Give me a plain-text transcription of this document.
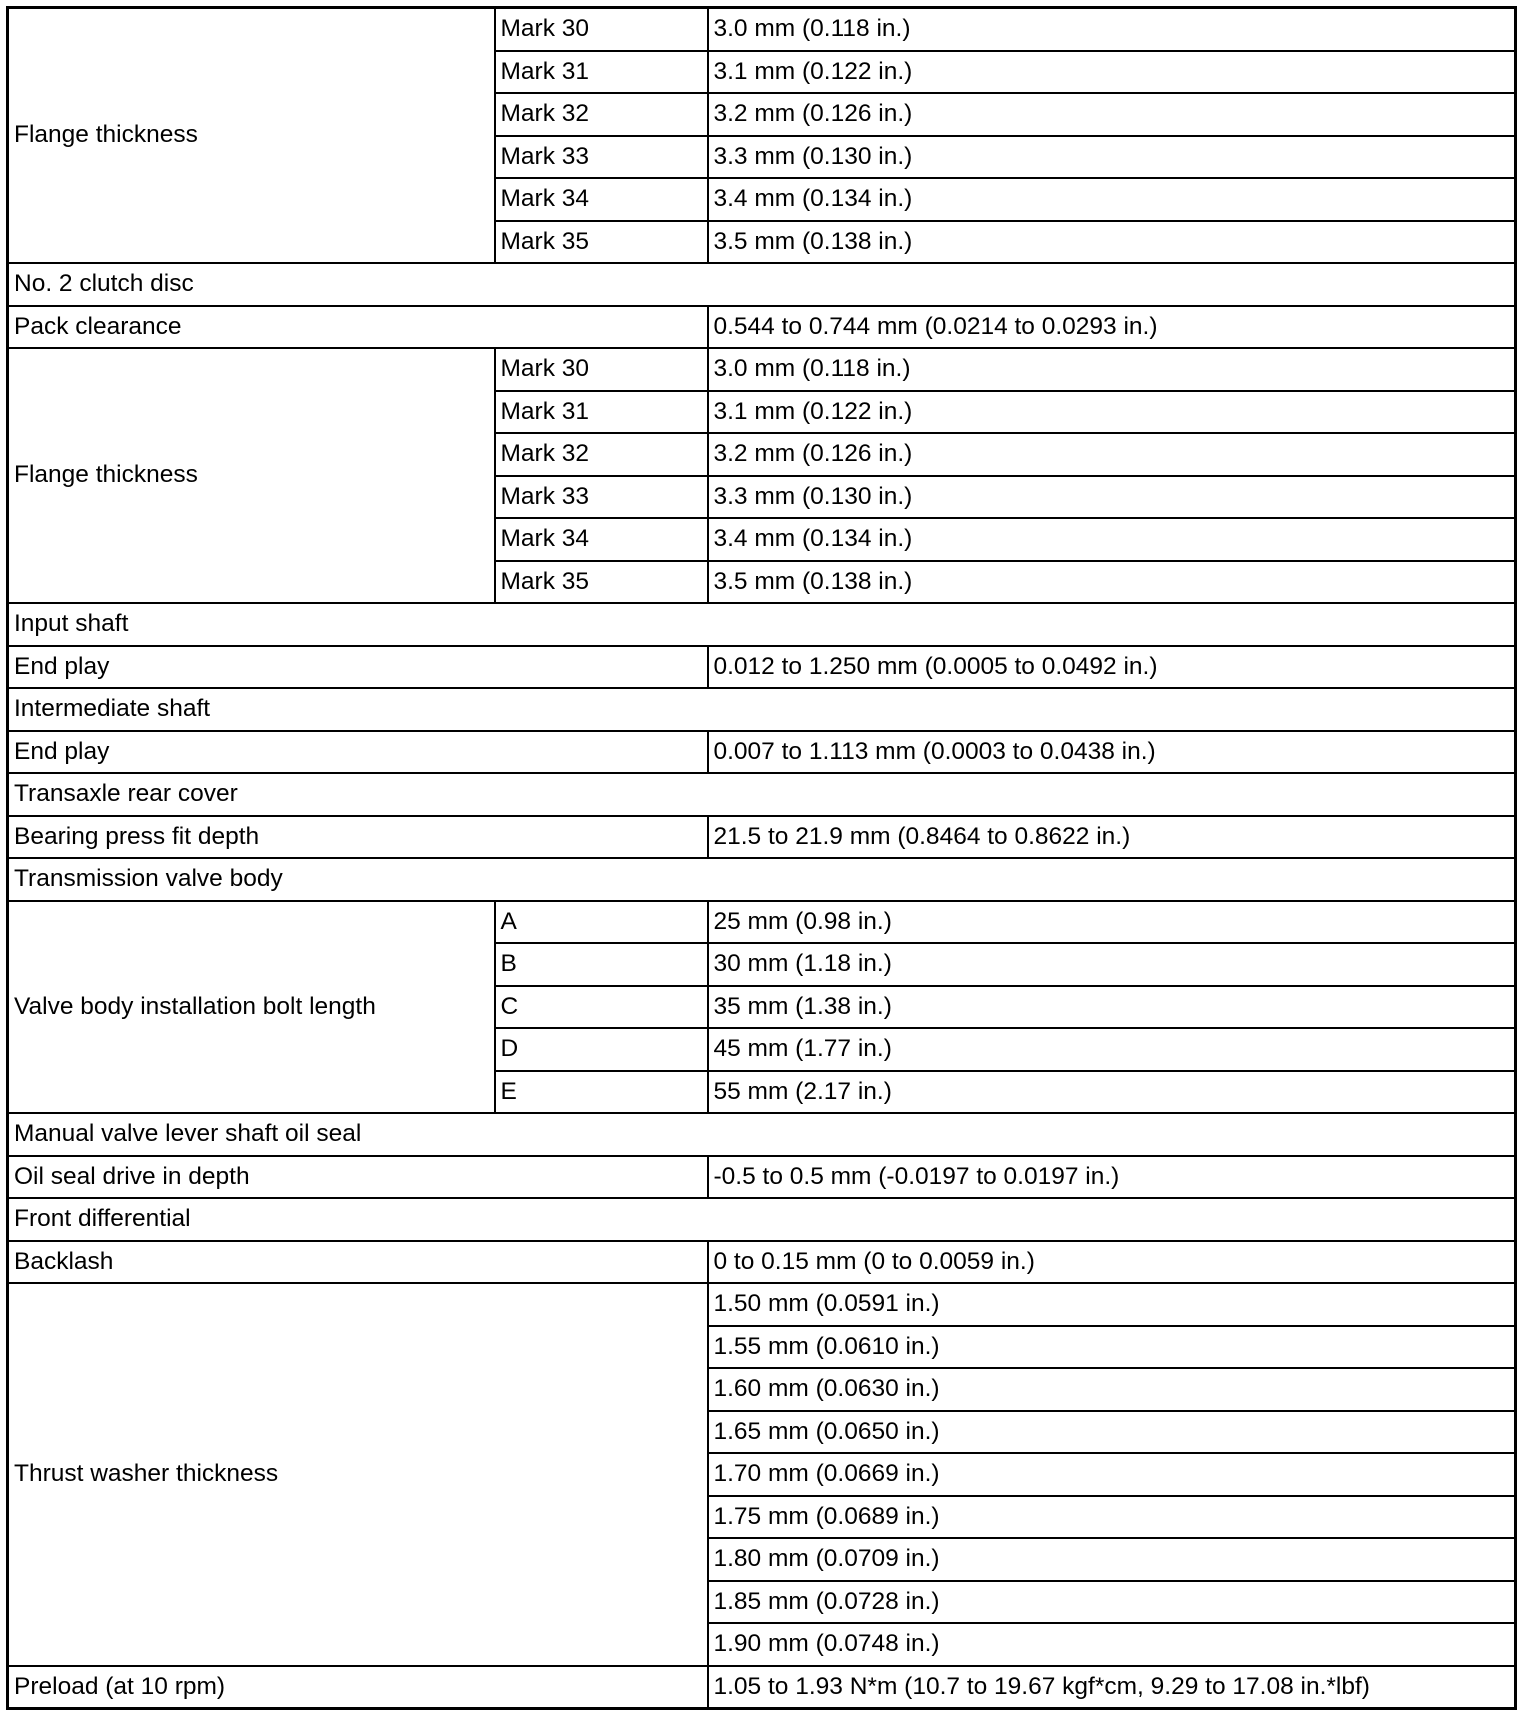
Flange thickness	Mark 30	3.0 mm (0.118 in.)
	Mark 31	3.1 mm (0.122 in.)
	Mark 32	3.2 mm (0.126 in.)
	Mark 33	3.3 mm (0.130 in.)
	Mark 34	3.4 mm (0.134 in.)
	Mark 35	3.5 mm (0.138 in.)
No. 2 clutch disc		
Pack clearance		0.544 to 0.744 mm (0.0214 to 0.0293 in.)
Flange thickness	Mark 30	3.0 mm (0.118 in.)
	Mark 31	3.1 mm (0.122 in.)
	Mark 32	3.2 mm (0.126 in.)
	Mark 33	3.3 mm (0.130 in.)
	Mark 34	3.4 mm (0.134 in.)
	Mark 35	3.5 mm (0.138 in.)
Input shaft		
End play		0.012 to 1.250 mm (0.0005 to 0.0492 in.)
Intermediate shaft		
End play		0.007 to 1.113 mm (0.0003 to 0.0438 in.)
Transaxle rear cover		
Bearing press fit depth		21.5 to 21.9 mm (0.8464 to 0.8622 in.)
Transmission valve body		
Valve body installation bolt length	A	25 mm (0.98 in.)
	B	30 mm (1.18 in.)
	C	35 mm (1.38 in.)
	D	45 mm (1.77 in.)
	E	55 mm (2.17 in.)
Manual valve lever shaft oil seal		
Oil seal drive in depth		-0.5 to 0.5 mm (-0.0197 to 0.0197 in.)
Front differential		
Backlash		0 to 0.15 mm (0 to 0.0059 in.)
Thrust washer thickness		1.50 mm (0.0591 in.)
		1.55 mm (0.0610 in.)
		1.60 mm (0.0630 in.)
		1.65 mm (0.0650 in.)
		1.70 mm (0.0669 in.)
		1.75 mm (0.0689 in.)
		1.80 mm (0.0709 in.)
		1.85 mm (0.0728 in.)
		1.90 mm (0.0748 in.)
Preload (at 10 rpm)		1.05 to 1.93 N*m (10.7 to 19.67 kgf*cm, 9.29 to 17.08 in.*lbf)
